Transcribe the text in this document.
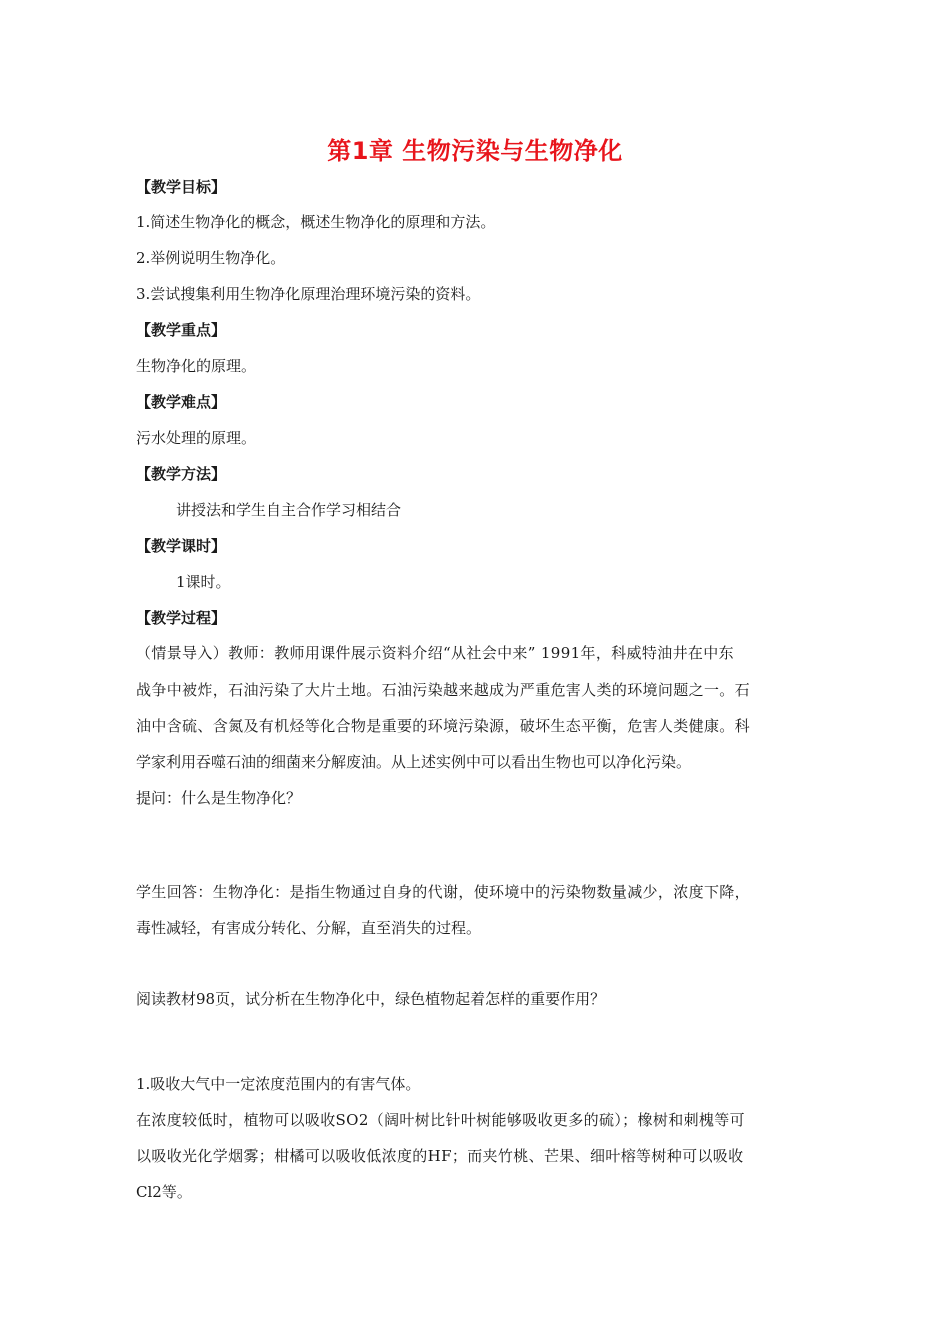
第1章 生物污染与生物净化
【教学目标】
1.简述生物净化的概念，概述生物净化的原理和方法。
2.举例说明生物净化。
3.尝试搜集利用生物净化原理治理环境污染的资料。
【教学重点】
生物净化的原理。
【教学难点】
污水处理的原理。
【教学方法】
讲授法和学生自主合作学习相结合
【教学课时】
1课时。
【教学过程】
（情景导入）教师：教师用课件展示资料介绍“从社会中来” 1991年，科威特油井在中东
战争中被炸，石油污染了大片土地。石油污染越来越成为严重危害人类的环境问题之一。石
油中含硫、含氮及有机烃等化合物是重要的环境污染源，破坏生态平衡，危害人类健康。科
学家利用吞噬石油的细菌来分解废油。从上述实例中可以看出生物也可以净化污染。
提问：什么是生物净化？
学生回答：生物净化：是指生物通过自身的代谢，使环境中的污染物数量减少，浓度下降，
毒性减轻，有害成分转化、分解，直至消失的过程。
阅读教材98页，试分析在生物净化中，绿色植物起着怎样的重要作用？
1.吸收大气中一定浓度范围内的有害气体。
在浓度较低时，植物可以吸收SO2（阔叶树比针叶树能够吸收更多的硫）；橡树和刺槐等可
以吸收光化学烟雾；柑橘可以吸收低浓度的HF；而夹竹桃、芒果、细叶榕等树种可以吸收
Cl2等。
